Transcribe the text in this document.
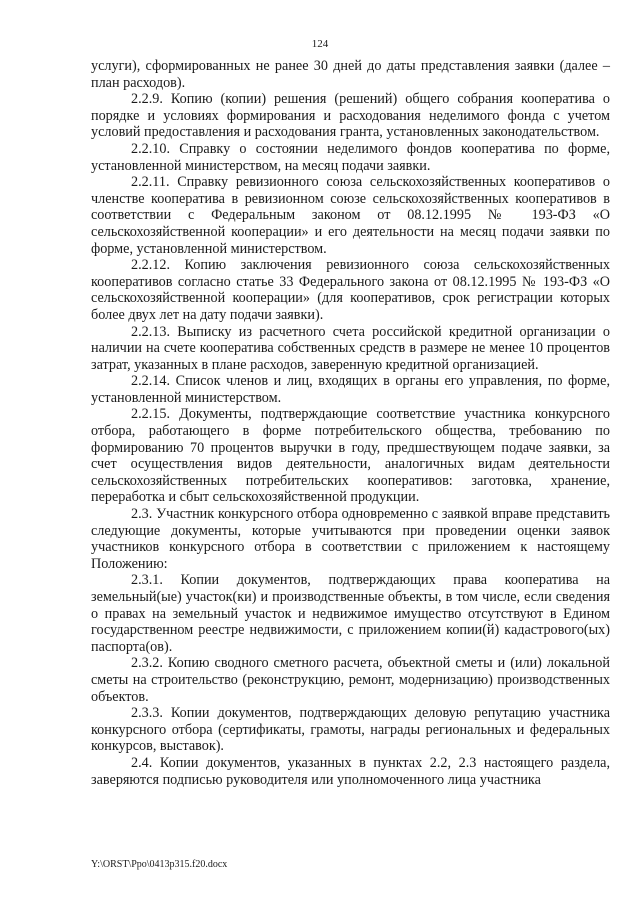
124

услуги), сформированных не ранее 30 дней до даты представления заявки (далее – план расходов).

2.2.9. Копию (копии) решения (решений) общего собрания кооператива о порядке и условиях формирования и расходования неделимого фонда с учетом условий предоставления и расходования гранта, установленных законодательством.

2.2.10. Справку о состоянии неделимого фондов кооператива по форме, установленной министерством, на месяц подачи заявки.

2.2.11. Справку ревизионного союза сельскохозяйственных кооперативов о членстве кооператива в ревизионном союзе сельскохозяйственных кооперативов в соответствии с Федеральным законом от 08.12.1995 № 193-ФЗ «О сельскохозяйственной кооперации» и его деятельности на месяц подачи заявки по форме, установленной министерством.

2.2.12. Копию заключения ревизионного союза сельскохозяйственных кооперативов согласно статье 33 Федерального закона от 08.12.1995 № 193-ФЗ «О сельскохозяйственной кооперации» (для кооперативов, срок регистрации которых более двух лет на дату подачи заявки).

2.2.13. Выписку из расчетного счета российской кредитной организации о наличии на счете кооператива собственных средств в размере не менее 10 процентов затрат, указанных в плане расходов, заверенную кредитной организацией.

2.2.14. Список членов и лиц, входящих в органы его управления, по форме, установленной министерством.

2.2.15. Документы, подтверждающие соответствие участника конкурсного отбора, работающего в форме потребительского общества, требованию по формированию 70 процентов выручки в году, предшествующем подаче заявки, за счет осуществления видов деятельности, аналогичных видам деятельности сельскохозяйственных потребительских кооперативов: заготовка, хранение, переработка и сбыт сельскохозяйственной продукции.

2.3. Участник конкурсного отбора одновременно с заявкой вправе представить следующие документы, которые учитываются при проведении оценки заявок участников конкурсного отбора в соответствии с приложением к настоящему Положению:

2.3.1. Копии документов, подтверждающих права кооператива на земельный(ые) участок(ки) и производственные объекты, в том числе, если сведения о правах на земельный участок и недвижимое имущество отсутствуют в Едином государственном реестре недвижимости, с приложением копии(й) кадастрового(ых) паспорта(ов).

2.3.2. Копию сводного сметного расчета, объектной сметы и (или) локальной сметы на строительство (реконструкцию, ремонт, модернизацию) производственных объектов.

2.3.3. Копии документов, подтверждающих деловую репутацию участника конкурсного отбора (сертификаты, грамоты, награды региональных и федеральных конкурсов, выставок).

2.4. Копии документов, указанных в пунктах 2.2, 2.3 настоящего раздела, заверяются подписью руководителя или уполномоченного лица участника

Y:\ORST\Ppo\0413p315.f20.docx
